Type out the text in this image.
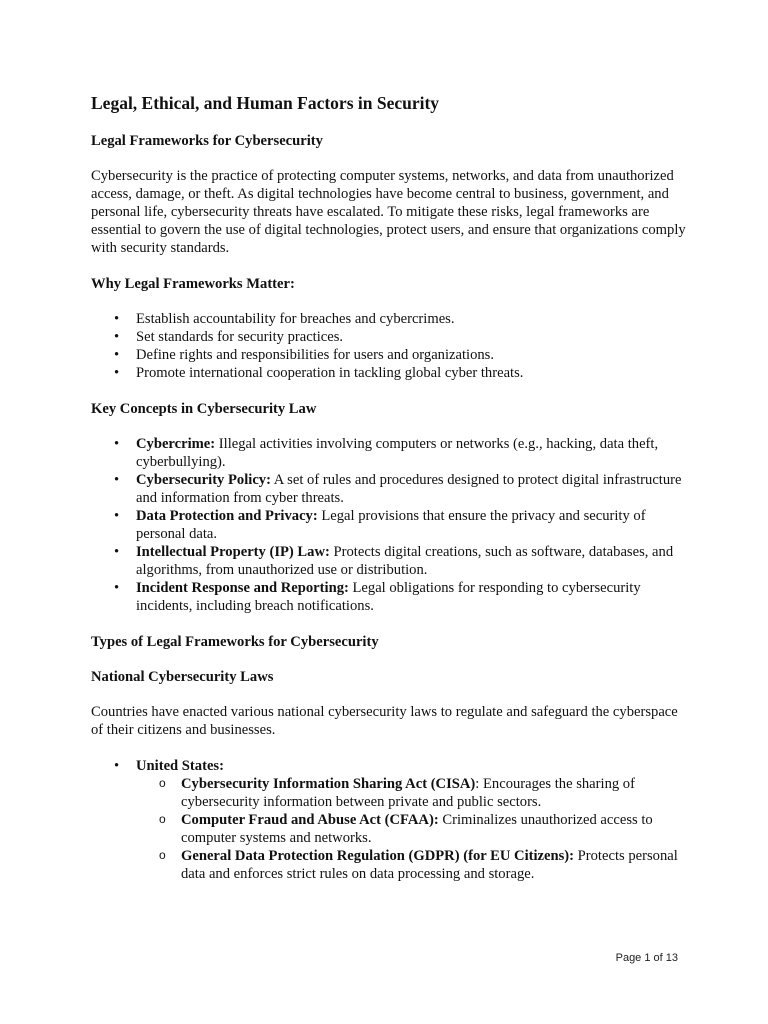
Legal, Ethical, and Human Factors in Security
Legal Frameworks for Cybersecurity

Cybersecurity is the practice of protecting computer systems, networks, and data from unauthorized access, damage, or theft. As digital technologies have become central to business, government, and personal life, cybersecurity threats have escalated. To mitigate these risks, legal frameworks are essential to govern the use of digital technologies, protect users, and ensure that organizations comply with security standards.

Why Legal Frameworks Matter:
• Establish accountability for breaches and cybercrimes.
• Set standards for security practices.
• Define rights and responsibilities for users and organizations.
• Promote international cooperation in tackling global cyber threats.
Key Concepts in Cybersecurity Law
• Cybercrime: Illegal activities involving computers or networks (e.g., hacking, data theft, cyberbullying).
• Cybersecurity Policy: A set of rules and procedures designed to protect digital infrastructure and information from cyber threats.
• Data Protection and Privacy: Legal provisions that ensure the privacy and security of personal data.
• Intellectual Property (IP) Law: Protects digital creations, such as software, databases, and algorithms, from unauthorized use or distribution.
• Incident Response and Reporting: Legal obligations for responding to cybersecurity incidents, including breach notifications.
Types of Legal Frameworks for Cybersecurity
National Cybersecurity Laws

Countries have enacted various national cybersecurity laws to regulate and safeguard the cyberspace of their citizens and businesses.

• United States:
o Cybersecurity Information Sharing Act (CISA): Encourages the sharing of cybersecurity information between private and public sectors.
o Computer Fraud and Abuse Act (CFAA): Criminalizes unauthorized access to computer systems and networks.
o General Data Protection Regulation (GDPR) (for EU Citizens): Protects personal data and enforces strict rules on data processing and storage.
Page 1 of 13
